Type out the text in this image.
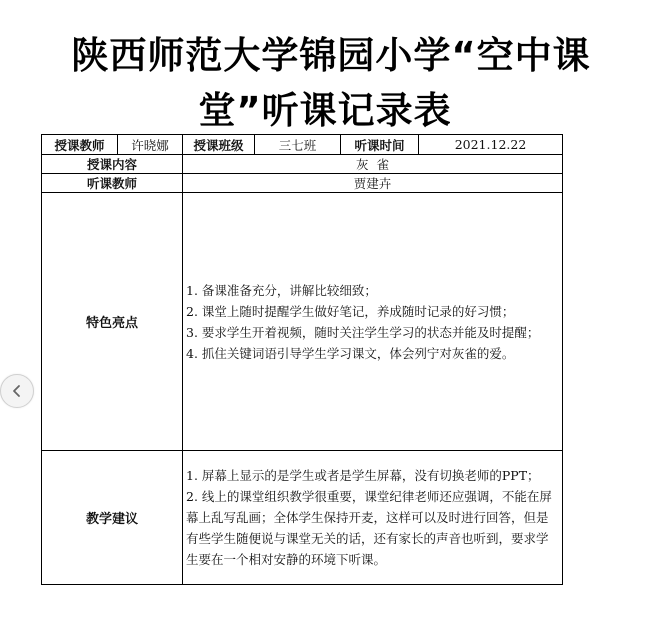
陕西师范大学锦园小学“空中课
堂”听课记录表
授课教师	许晓娜	授课班级	三七班	听课时间	2021.12.22
授课内容		灰  雀			
听课教师		贾建卉			
特色亮点		1. 备课准备充分，讲解比较细致；

2. 课堂上随时提醒学生做好笔记，养成随时记录的好习惯；

3. 要求学生开着视频，随时关注学生学习的状态并能及时提醒；

4. 抓住关键词语引导学生学习课文，体会列宁对灰雀的爱。			

教学建议		1. 屏幕上显示的是学生或者是学生屏幕，没有切换老师的PPT；

2. 线上的课堂组织教学很重要，课堂纪律老师还应强调，不能在屏幕上乱写乱画；全体学生保持开麦，这样可以及时进行回答，但是有些学生随便说与课堂无关的话，还有家长的声音也听到，要求学生要在一个相对安静的环境下听课。			
